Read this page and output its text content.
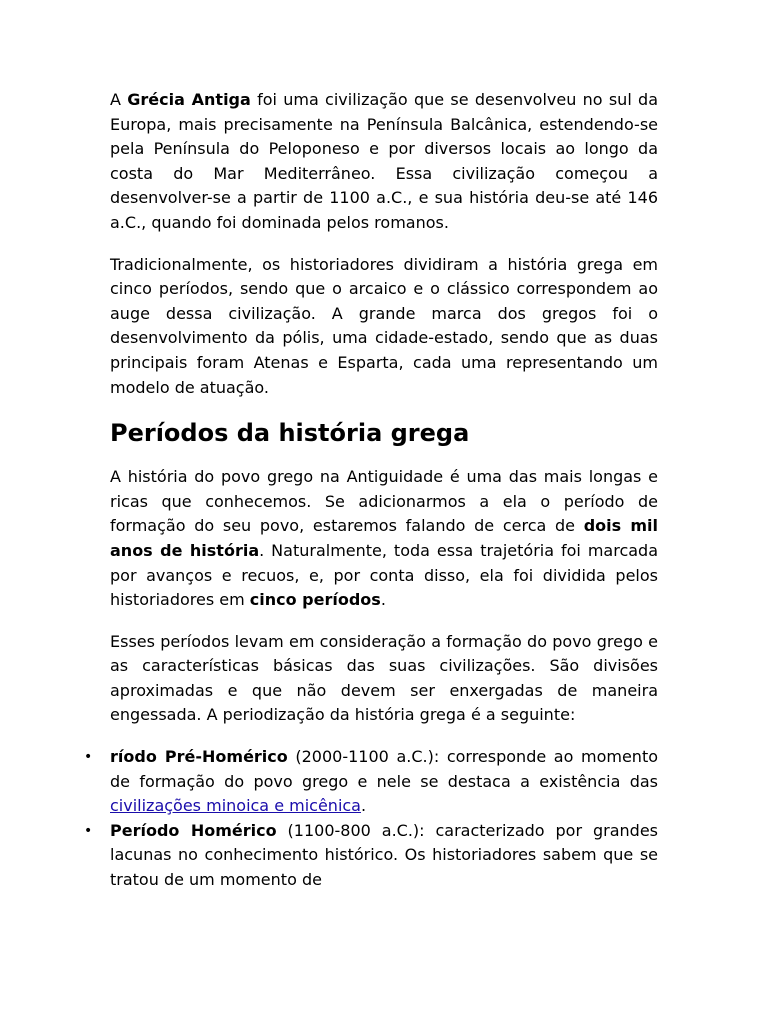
A Grécia Antiga foi uma civilização que se desenvolveu no sul da Europa, mais precisamente na Península Balcânica, estendendo-se pela Península do Peloponeso e por diversos locais ao longo da costa do Mar Mediterrâneo. Essa civilização começou a desenvolver-se a partir de 1100 a.C., e sua história deu-se até 146 a.C., quando foi dominada pelos romanos.

Tradicionalmente, os historiadores dividiram a história grega em cinco períodos, sendo que o arcaico e o clássico correspondem ao auge dessa civilização. A grande marca dos gregos foi o desenvolvimento da pólis, uma cidade-estado, sendo que as duas principais foram Atenas e Esparta, cada uma representando um modelo de atuação.

Períodos da história grega

A história do povo grego na Antiguidade é uma das mais longas e ricas que conhecemos. Se adicionarmos a ela o período de formação do seu povo, estaremos falando de cerca de dois mil anos de história. Naturalmente, toda essa trajetória foi marcada por avanços e recuos, e, por conta disso, ela foi dividida pelos historiadores em cinco períodos.

Esses períodos levam em consideração a formação do povo grego e as características básicas das suas civilizações. São divisões aproximadas e que não devem ser enxergadas de maneira engessada. A periodização da história grega é a seguinte:

• ríodo Pré-Homérico (2000-1100 a.C.): corresponde ao momento de formação do povo grego e nele se destaca a existência das civilizações minoica e micênica.
• Período Homérico (1100-800 a.C.): caracterizado por grandes lacunas no conhecimento histórico. Os historiadores sabem que se tratou de um momento de
